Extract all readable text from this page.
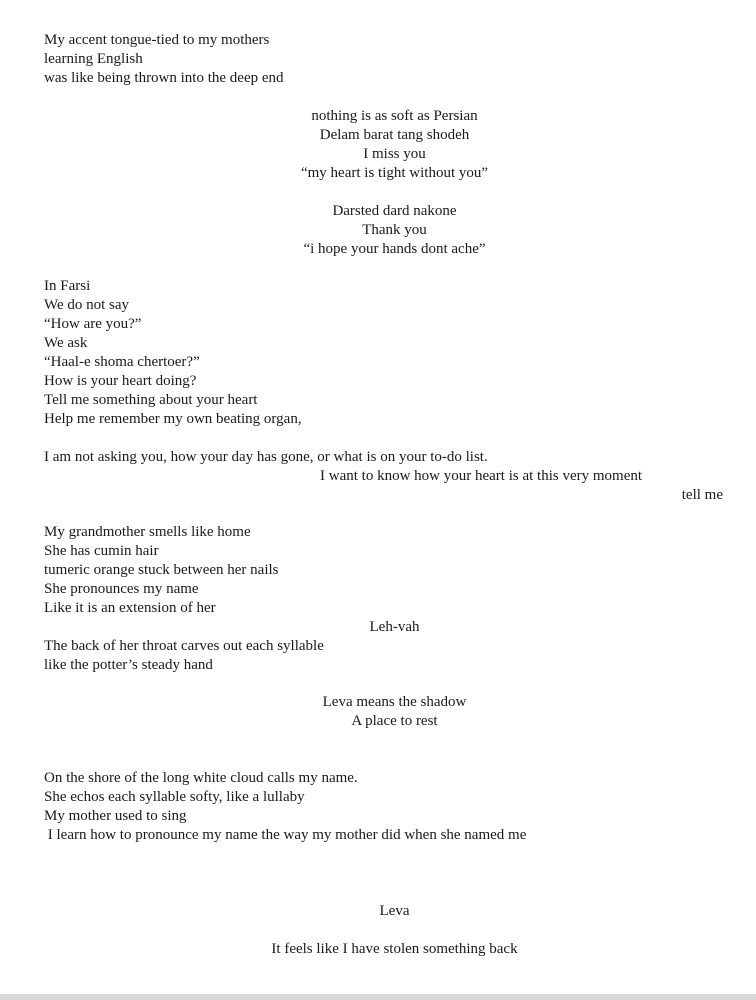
My accent tongue-tied to my mothers
learning English
was like being thrown into the deep end
nothing is as soft as Persian
Delam barat tang shodeh
I miss you
“my heart is tight without you”
Darsted dard nakone
Thank you
“i hope your hands dont ache”
In Farsi
We do not say
“How are you?”
We ask
“Haal-e shoma chertoer?”
How is your heart doing?
Tell me something about your heart
Help me remember my own beating organ,
I am not asking you, how your day has gone, or what is on your to-do list.
I want to know how your heart is at this very moment
tell me
My grandmother smells like home
She has cumin hair
tumeric orange stuck between her nails
She pronounces my name
Like it is an extension of her
Leh-vah
The back of her throat carves out each syllable
like the potter’s steady hand
Leva means the shadow
A place to rest
On the shore of the long white cloud calls my name.
She echos each syllable softy, like a lullaby
My mother used to sing
I learn how to pronounce my name the way my mother did when she named me
Leva
It feels like I have stolen something back
